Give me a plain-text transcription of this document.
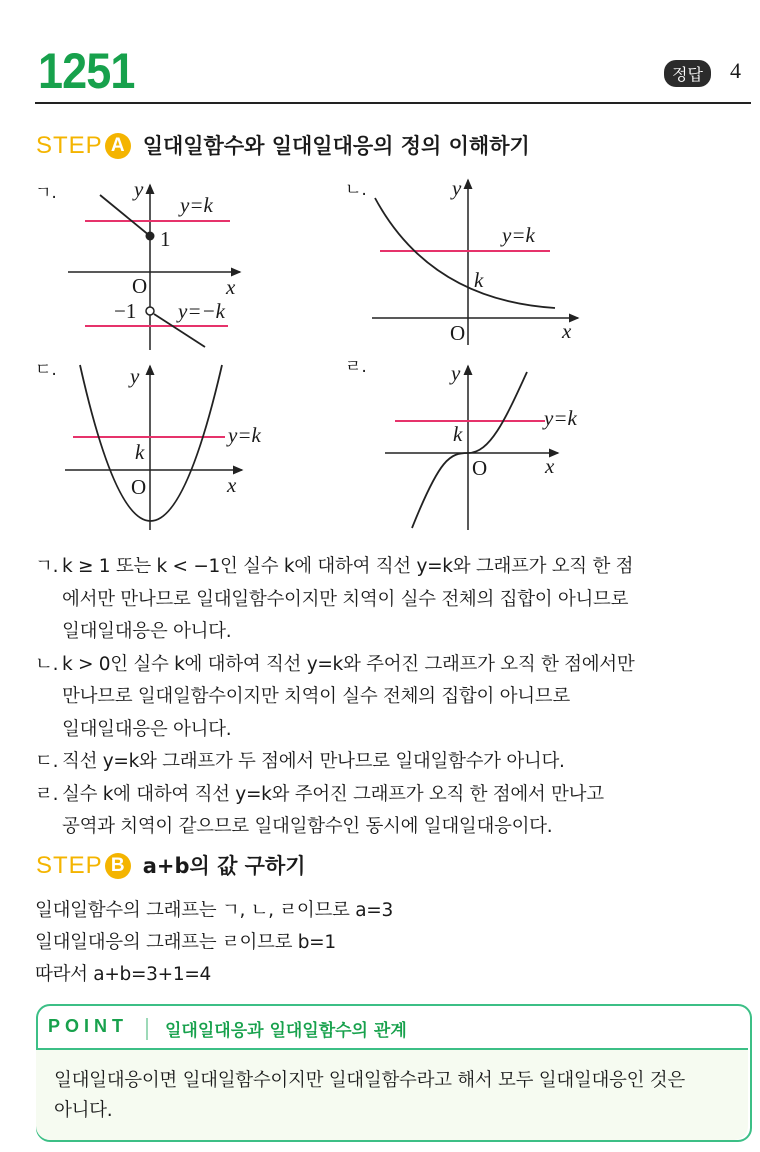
1251	정답	4
STEP A 일대일함수와 일대일대응의 정의 이해하기
ㄱ.	y
y=k
1
O	x
−1 y=−k
ㄴ.	y
y=k
k
O	x
ㄷ.	y
y=k
k
O	x
ㄹ.	y
y=k
k
O	x
ㄱ. k ≥ 1 또는 k < −1인 실수 k에 대하여 직선 y=k와 그래프가 오직 한 점
에서만 만나므로 일대일함수이지만 치역이 실수 전체의 집합이 아니므로
일대일대응은 아니다.
ㄴ. k > 0인 실수 k에 대하여 직선 y=k와 주어진 그래프가 오직 한 점에서만
만나므로 일대일함수이지만 치역이 실수 전체의 집합이 아니므로
일대일대응은 아니다.
ㄷ. 직선 y=k와 그래프가 두 점에서 만나므로 일대일함수가 아니다.
ㄹ. 실수 k에 대하여 직선 y=k와 주어진 그래프가 오직 한 점에서 만나고
공역과 치역이 같으므로 일대일함수인 동시에 일대일대응이다.
STEP B a+b의 값 구하기
일대일함수의 그래프는 ㄱ, ㄴ, ㄹ이므로 a=3
일대일대응의 그래프는 ㄹ이므로 b=1
따라서 a+b=3+1=4
POINT 일대일대응과 일대일함수의 관계
일대일대응이면 일대일함수이지만 일대일함수라고 해서 모두 일대일대응인 것은
아니다.
